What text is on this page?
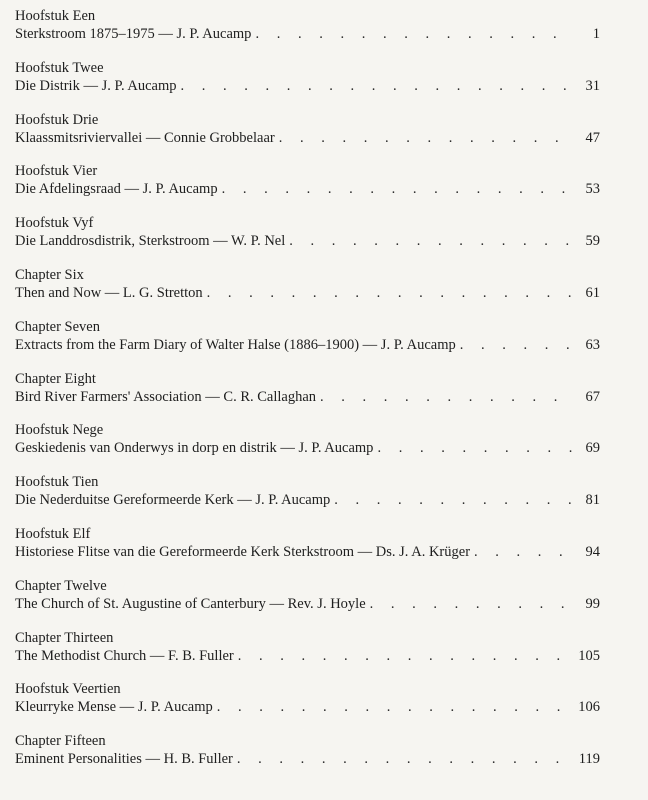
Hoofstuk Een
Sterkstroom 1875–1975 — J. P. Aucamp . . .	1
Hoofstuk Twee
Die Distrik — J. P. Aucamp . . .	31
Hoofstuk Drie
Klaassmitsriviervallei — Connie Grobbelaar . . .	47
Hoofstuk Vier
Die Afdelingsraad — J. P. Aucamp . . .	53
Hoofstuk Vyf
Die Landdrosdistrik, Sterkstroom — W. P. Nel . . .	59
Chapter Six
Then and Now — L. G. Stretton . . .	61
Chapter Seven
Extracts from the Farm Diary of Walter Halse (1886–1900) — J. P. Aucamp . . .	63
Chapter Eight
Bird River Farmers' Association — C. R. Callaghan . . .	67
Hoofstuk Nege
Geskiedenis van Onderwys in dorp en distrik — J. P. Aucamp . . .	69
Hoofstuk Tien
Die Nederduitse Gereformeerde Kerk — J. P. Aucamp . . .	81
Hoofstuk Elf
Historiese Flitse van die Gereformeerde Kerk Sterkstroom — Ds. J. A. Krüger . . .	94
Chapter Twelve
The Church of St. Augustine of Canterbury — Rev. J. Hoyle . . .	99
Chapter Thirteen
The Methodist Church — F. B. Fuller . . .	105
Hoofstuk Veertien
Kleurryke Mense — J. P. Aucamp . . .	106
Chapter Fifteen
Eminent Personalities — H. B. Fuller . . .	119
